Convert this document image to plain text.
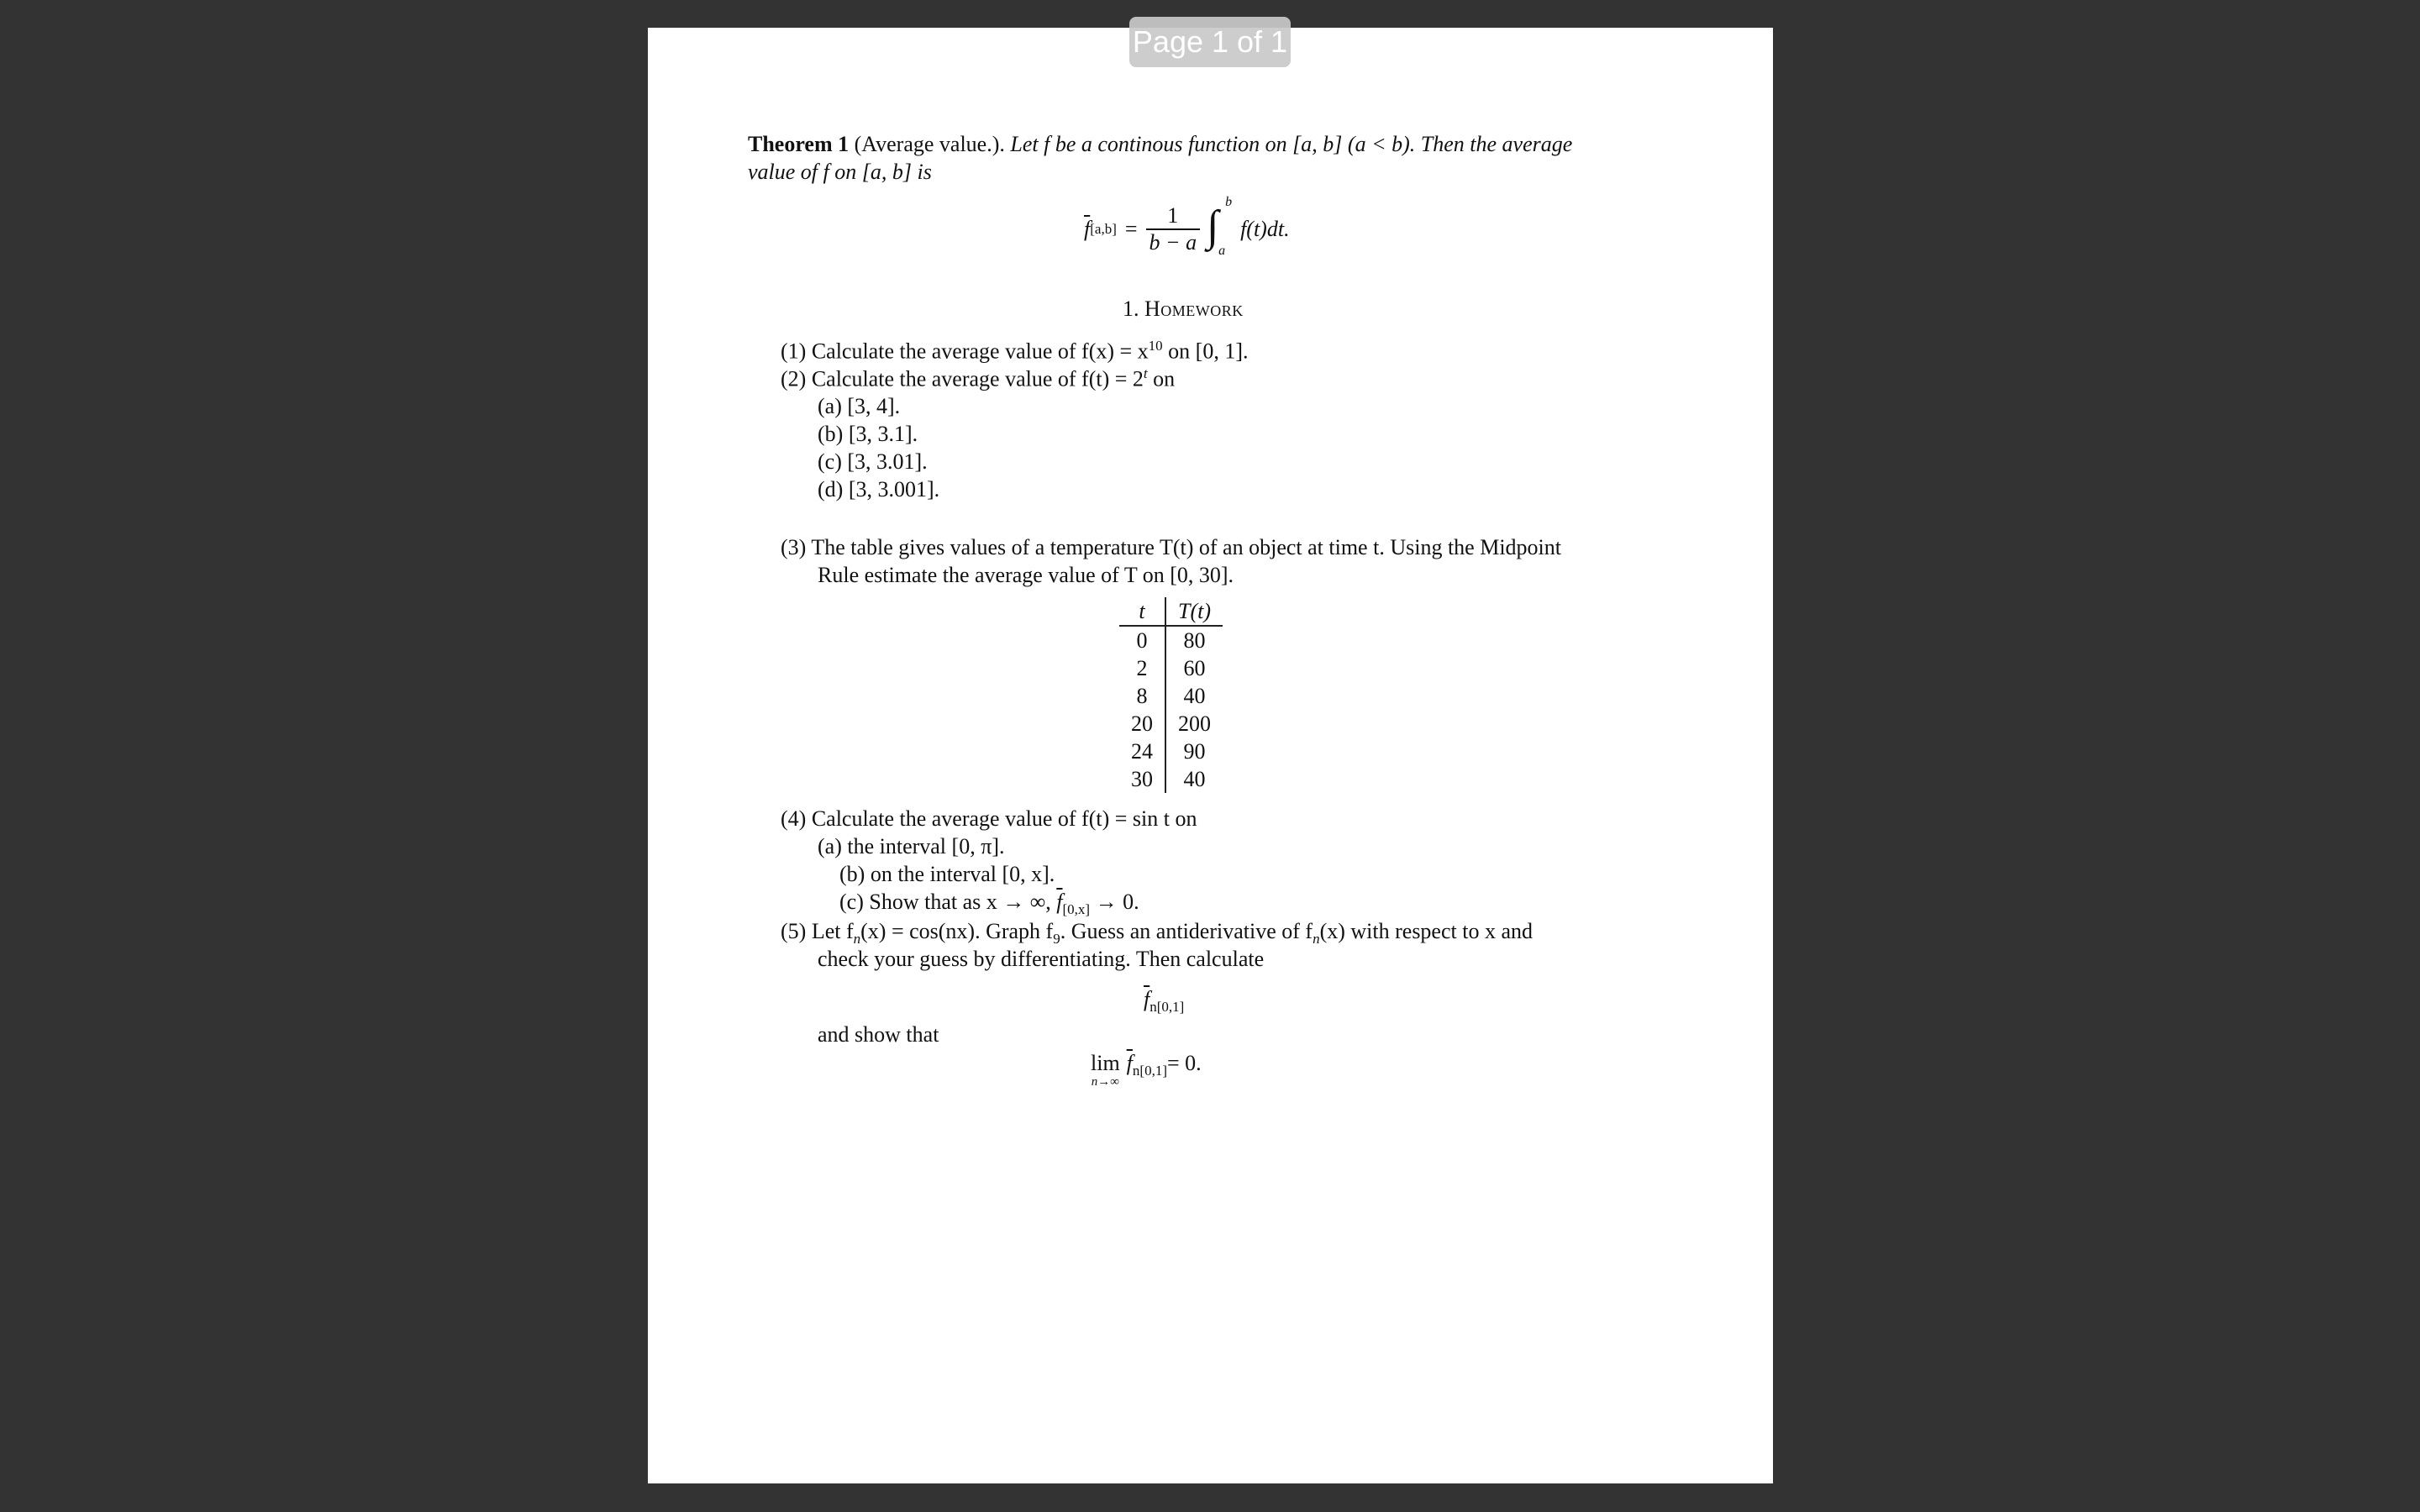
Page 1 of 1
Theorem 1 (Average value.). Let f be a continous function on [a, b] (a < b). Then the average
value of f on [a, b] is
$\overline{f}$ $[a,b] = \frac{1}{b - a}$ ∫
b
a
f(t)dt.
1. Homework
(1) Calculate the average value of $f(x) = x^{10}$ on [0, 1].
(2) Calculate the average value of $f(t) = 2^t$ on
(a) [3, 4].
(b) [3, 3.1].
(c) [3, 3.01].
(d) [3, 3.001].
(3) The table gives values of a temperature T(t) of an object at time t. Using the Midpoint
Rule estimate the average value of T on [0, 30].
t	T(t)
0	80
2	60
8	40
20	200
24	90
30	40
(4) Calculate the average value of f(t) = sin t on
(a) the interval [0, π].
(b) on the interval [0, x].
(c) Show that as x → ∞, $\overline{f}_{[0,x]} \to 0$.
(5) Let $f_n(x) = \cos(nx)$. Graph $f_9$. Guess an antiderivative of $f_n(x)$ with respect to x and
check your guess by differentiating. Then calculate
$\overline{f}_{n[0,1]}$
and show that
lim
n→∞
$\overline{f}_{n[0,1]} = 0$.
